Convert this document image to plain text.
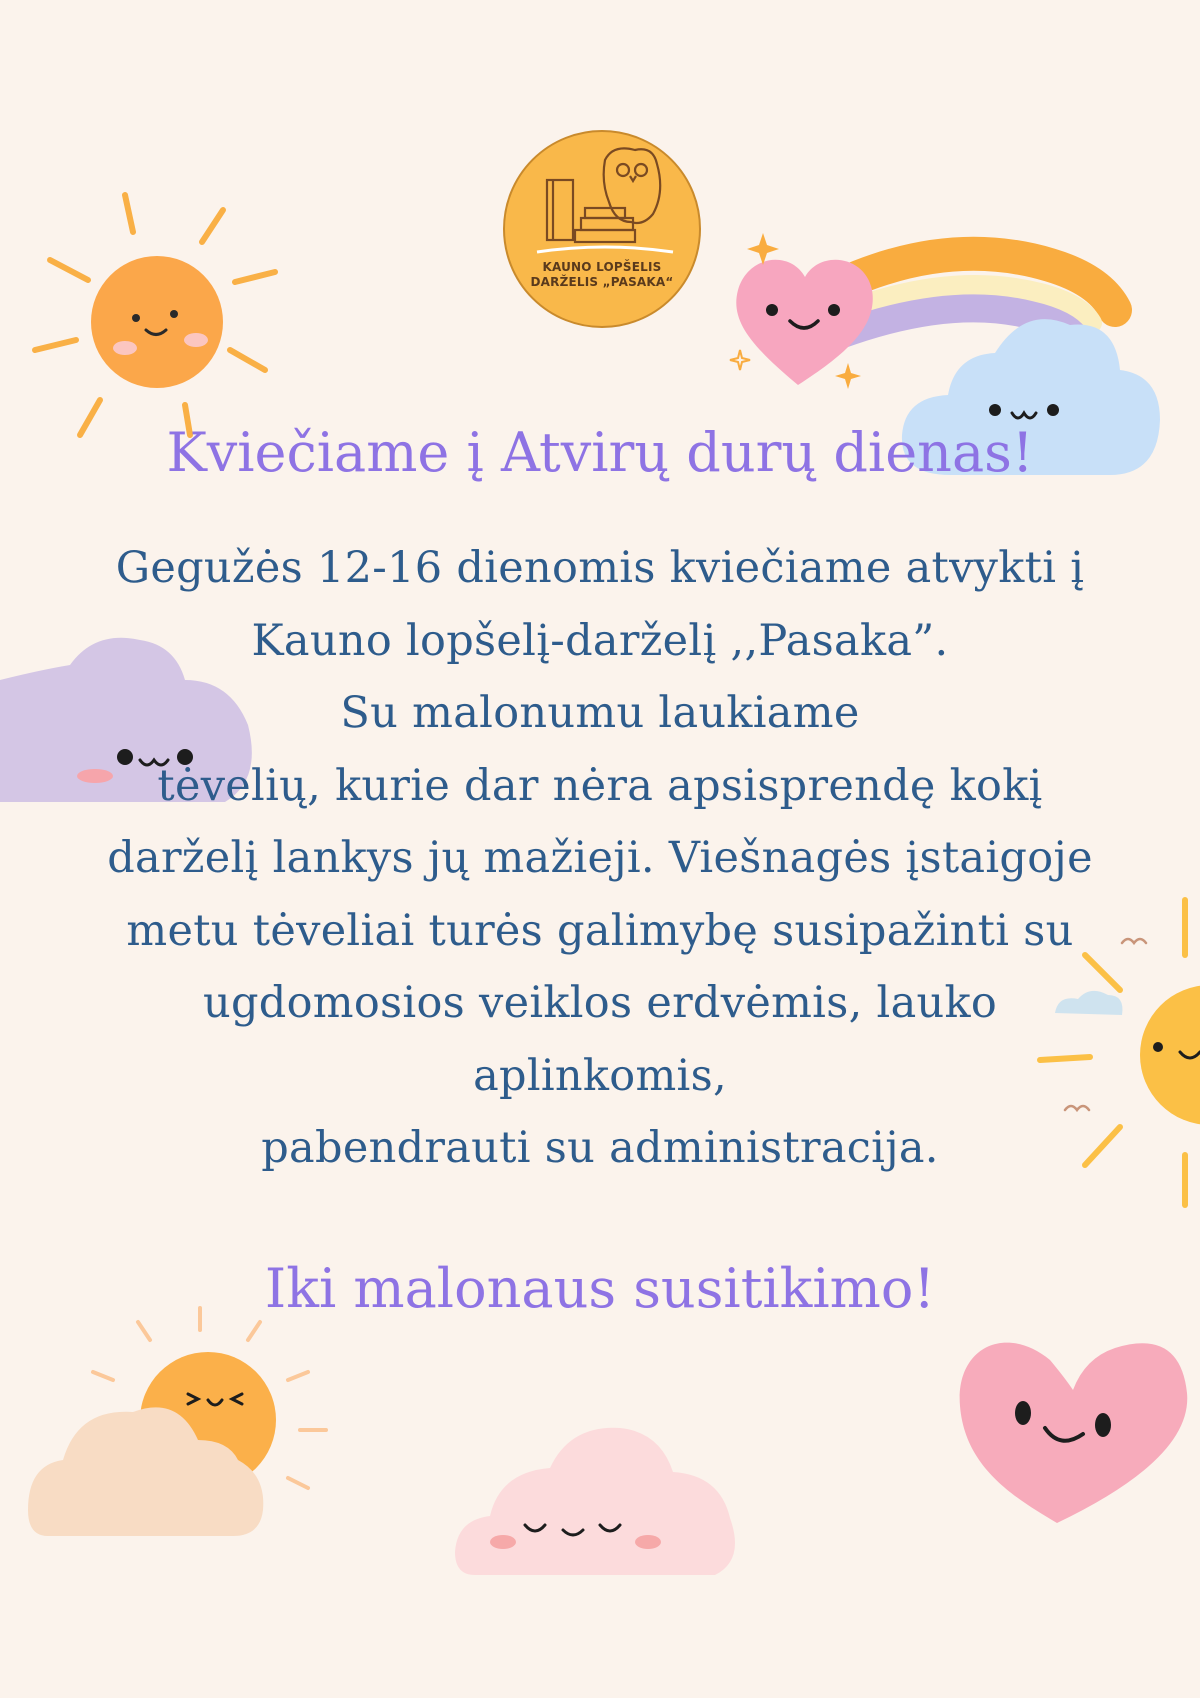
KAUNO LOPŠELIS
DARŽELIS „PASAKA“
Kviečiame į Atvirų durų dienas!
Gegužės 12-16 dienomis kviečiame atvykti į
Kauno lopšelį-darželį ,,Pasaka”.
Su malonumu laukiame
tėvelių, kurie dar nėra apsisprendę kokį
darželį lankys jų mažieji. Viešnagės įstaigoje
metu tėveliai turės galimybę susipažinti su
ugdomosios veiklos erdvėmis, lauko
aplinkomis,
pabendrauti su administracija.
Iki malonaus susitikimo!
